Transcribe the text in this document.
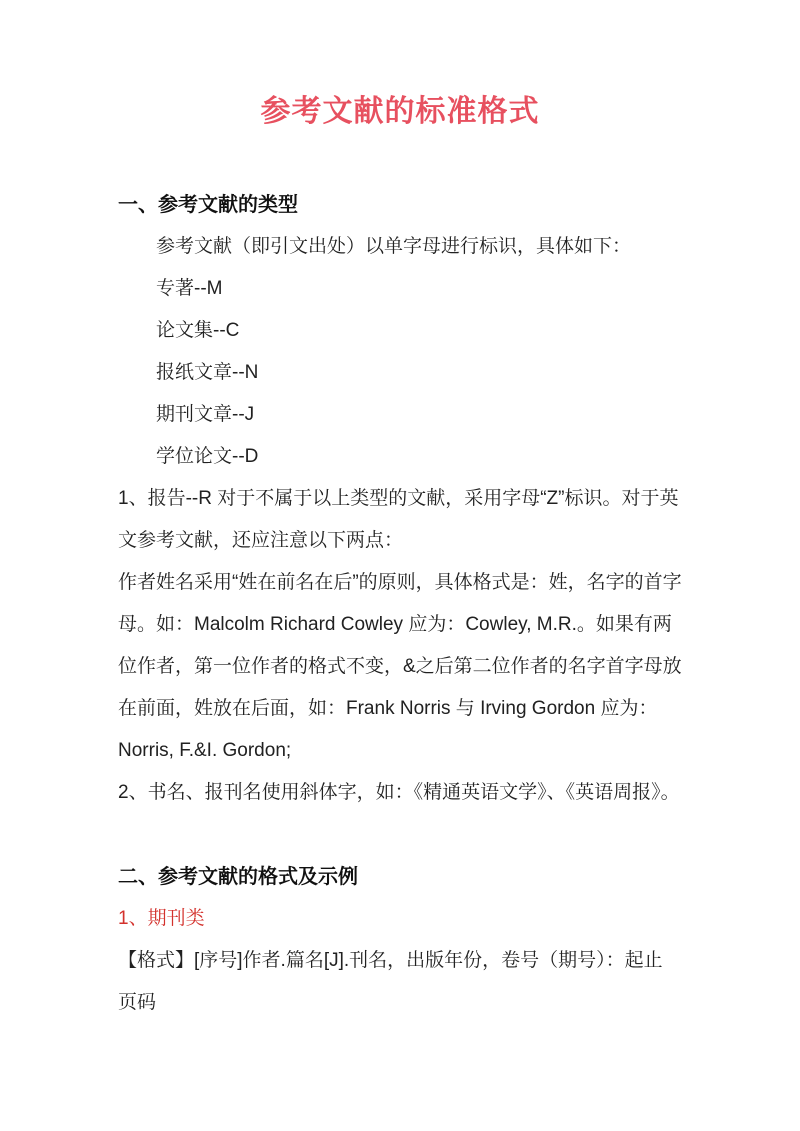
参考文献的标准格式
一、参考文献的类型
参考文献（即引文出处）以单字母进行标识，具体如下：
专著--M
论文集--C
报纸文章--N
期刊文章--J
学位论文--D
1、报告--R 对于不属于以上类型的文献，采用字母“Z”标识。对于英
文参考文献，还应注意以下两点：
作者姓名采用“姓在前名在后”的原则，具体格式是：姓，名字的首字
母。如：Malcolm Richard Cowley 应为：Cowley, M.R.。如果有两
位作者，第一位作者的格式不变，&之后第二位作者的名字首字母放
在前面，姓放在后面，如：Frank Norris 与 Irving Gordon 应为：
Norris, F.&I. Gordon;
2、书名、报刊名使用斜体字，如：《精通英语文学》、《英语周报》。
二、参考文献的格式及示例
1、期刊类
【格式】[序号]作者.篇名[J].刊名，出版年份，卷号（期号）：起止
页码
